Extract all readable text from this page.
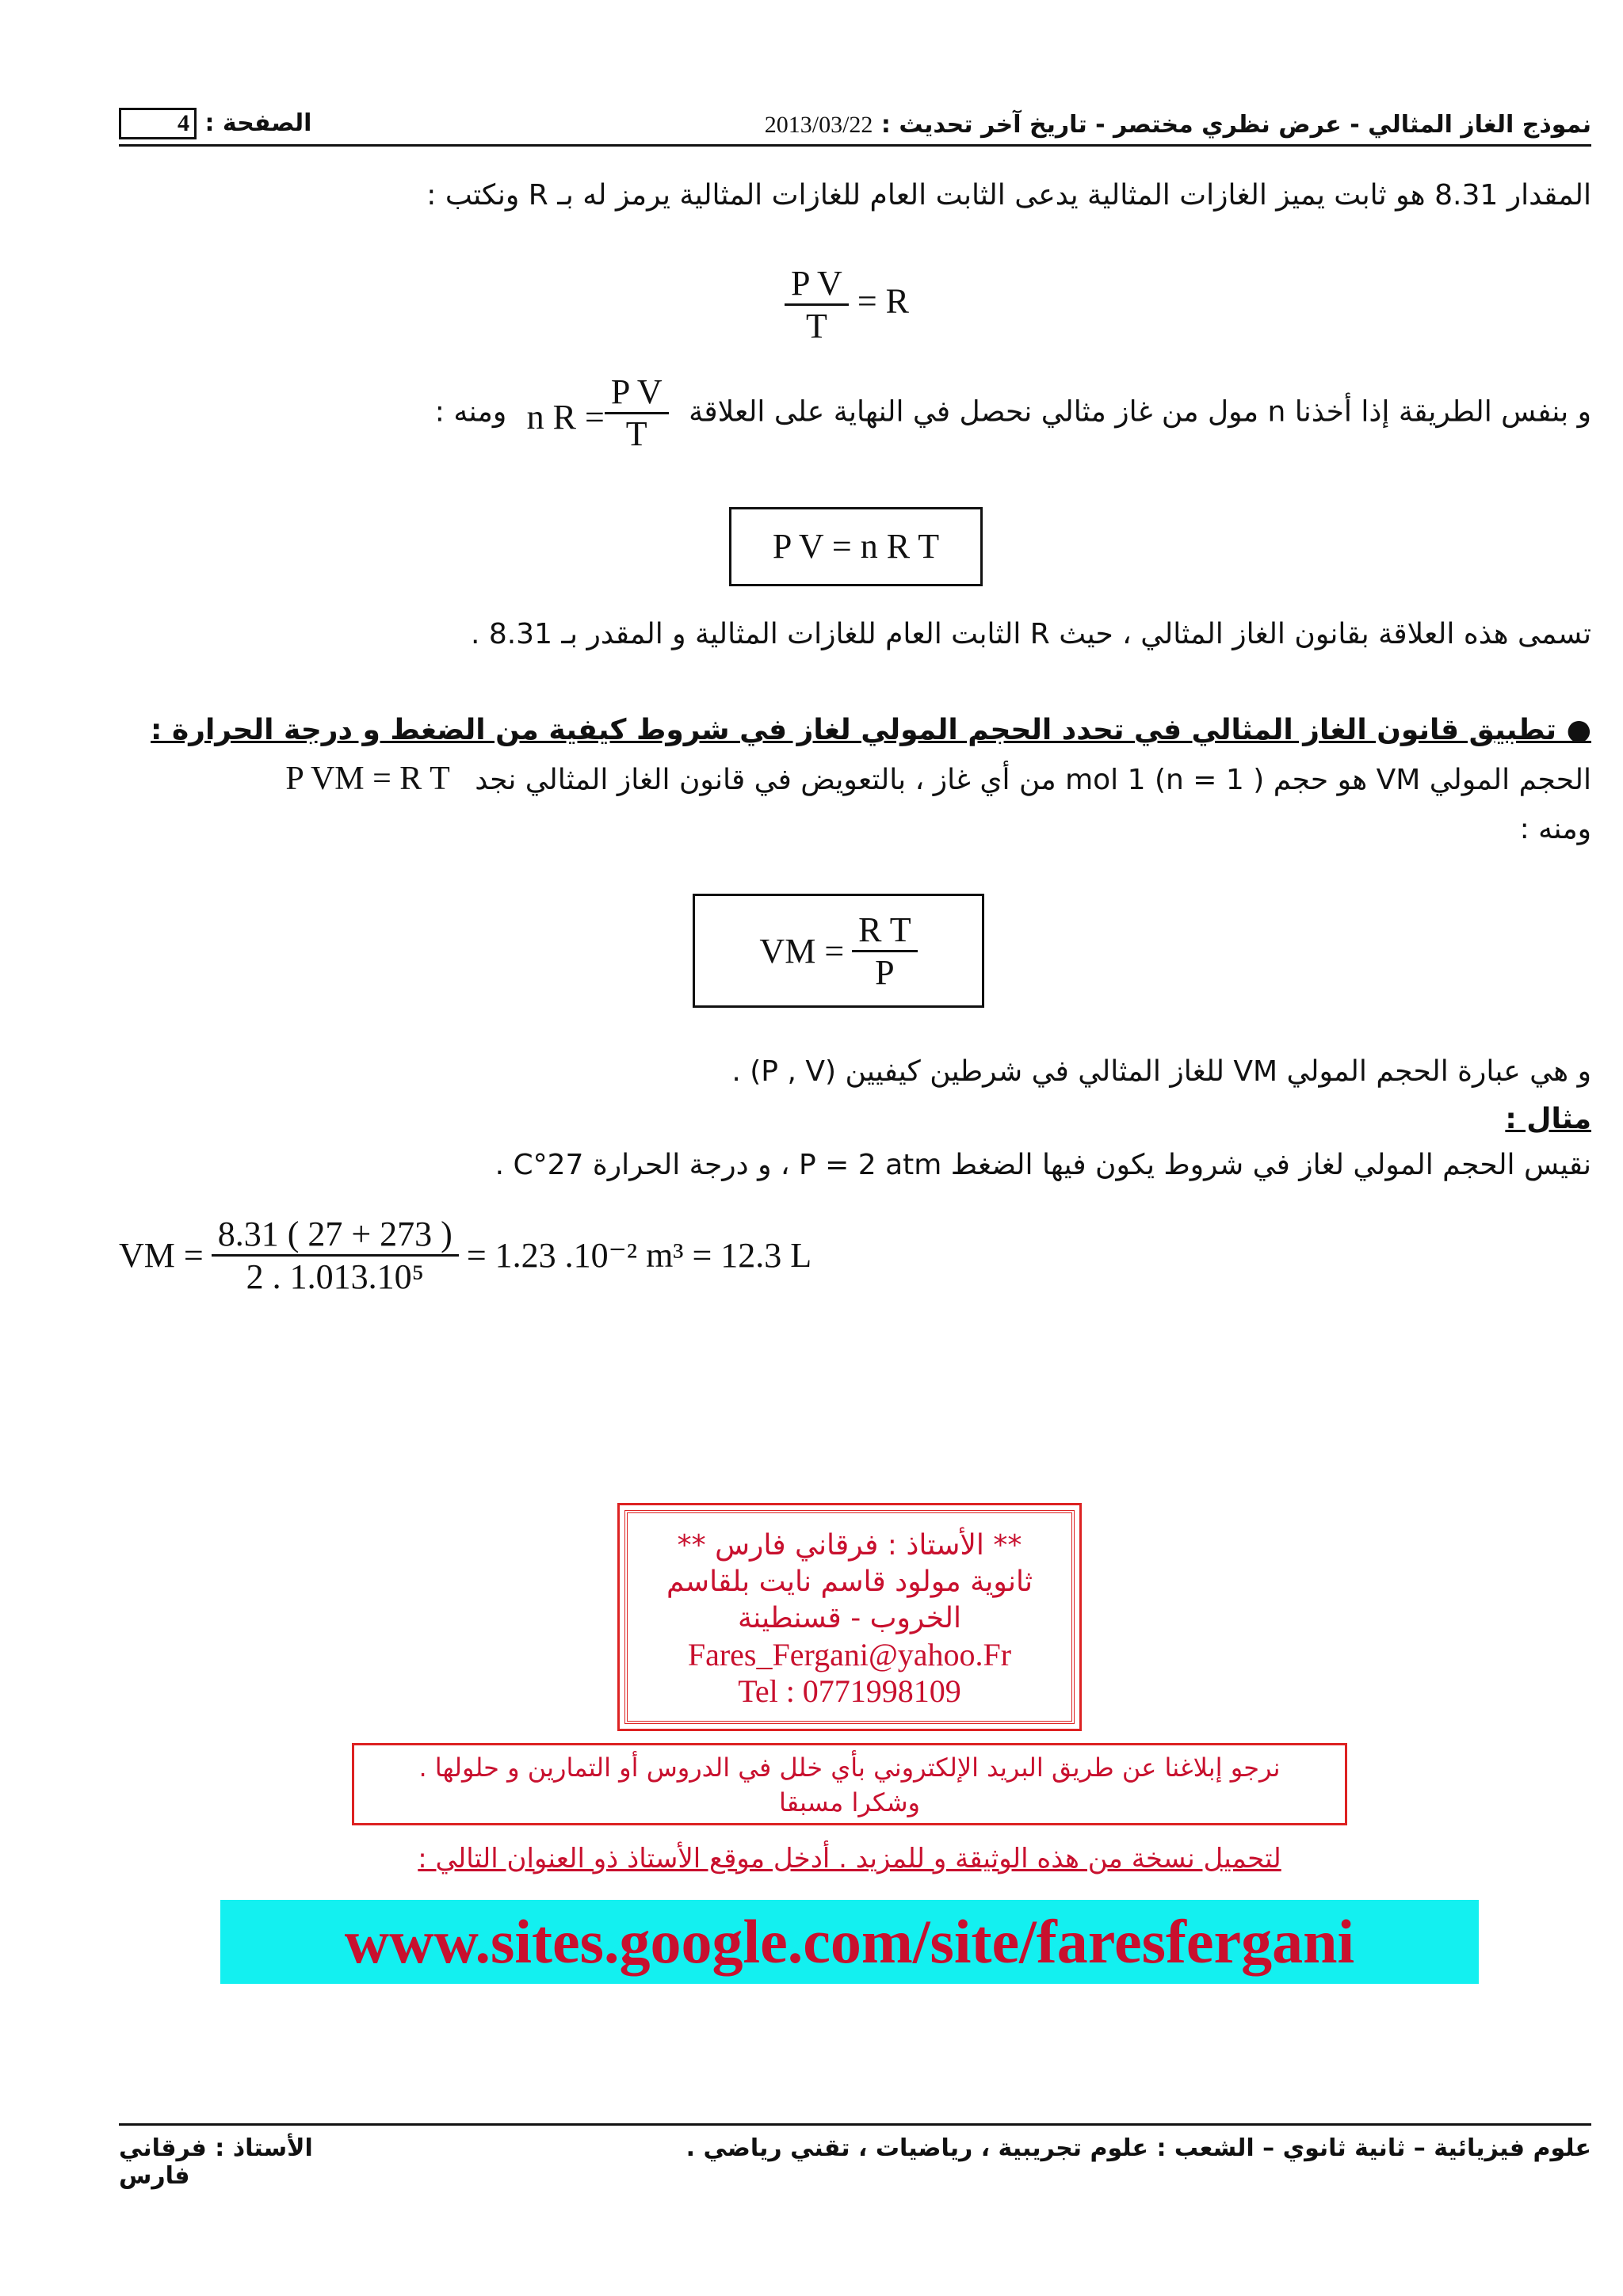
نموذج الغاز المثالي - عرض نظري مختصر - تاريخ آخر تحديث : 2013/03/22
4 : الصفحة
المقدار 8.31 هو ثابت يميز الغازات المثالية يدعى الثابت العام للغازات المثالية يرمز له بـ R ونكتب :
$\frac{\text{P V}}{T} = R$
و بنفس الطريقة إذا أخذنا n مول من غاز مثالي نحصل في النهاية على العلاقة
$\frac{\text{P V}}{T}$
n R = ومنه :
P V = n R T
تسمى هذه العلاقة بقانون الغاز المثالي ، حيث R الثابت العام للغازات المثالية و المقدر بـ 8.31 .
● تطبيق قانون الغاز المثالي في تحدد الحجم المولي لغاز في شروط كيفية من الضغط و درجة الحرارة :
الحجم المولي VM هو حجم mol 1 (n = 1 ) من أي غاز ، بالتعويض في قانون الغاز المثالي نجد P VM = R T
ومنه :
VM = $\frac{\text{R T}}{P}$
و هي عبارة الحجم المولي VM للغاز المثالي في شرطين كيفيين (P , V) .
مثال :
نقيس الحجم المولي لغاز في شروط يكون فيها الضغط P = 2 atm ، و درجة الحرارة 27°C .
VM = $\frac{8.31 ( 27 + 273 )}{\text{2 . 1.013.10⁵}} = 1.23$ .10⁻² m³ = 12.3 L
** الأستاذ : فرقاني فارس **
ثانوية مولود قاسم نايت بلقاسم
الخروب - قسنطينة
Fares_Fergani@yahoo.Fr
Tel : 0771998109
نرجو إبلاغنا عن طريق البريد الإلكتروني بأي خلل في الدروس أو التمارين و حلولها .
وشكرا مسبقا
لتحميل نسخة من هذه الوثيقة و للمزيد . أدخل موقع الأستاذ ذو العنوان التالي :
www.sites.google.com/site/faresfergani
علوم فيزيائية – ثانية ثانوي – الشعب : علوم تجريبية ، رياضيات ، تقني رياضي .
الأستاذ : فرقاني فارس
